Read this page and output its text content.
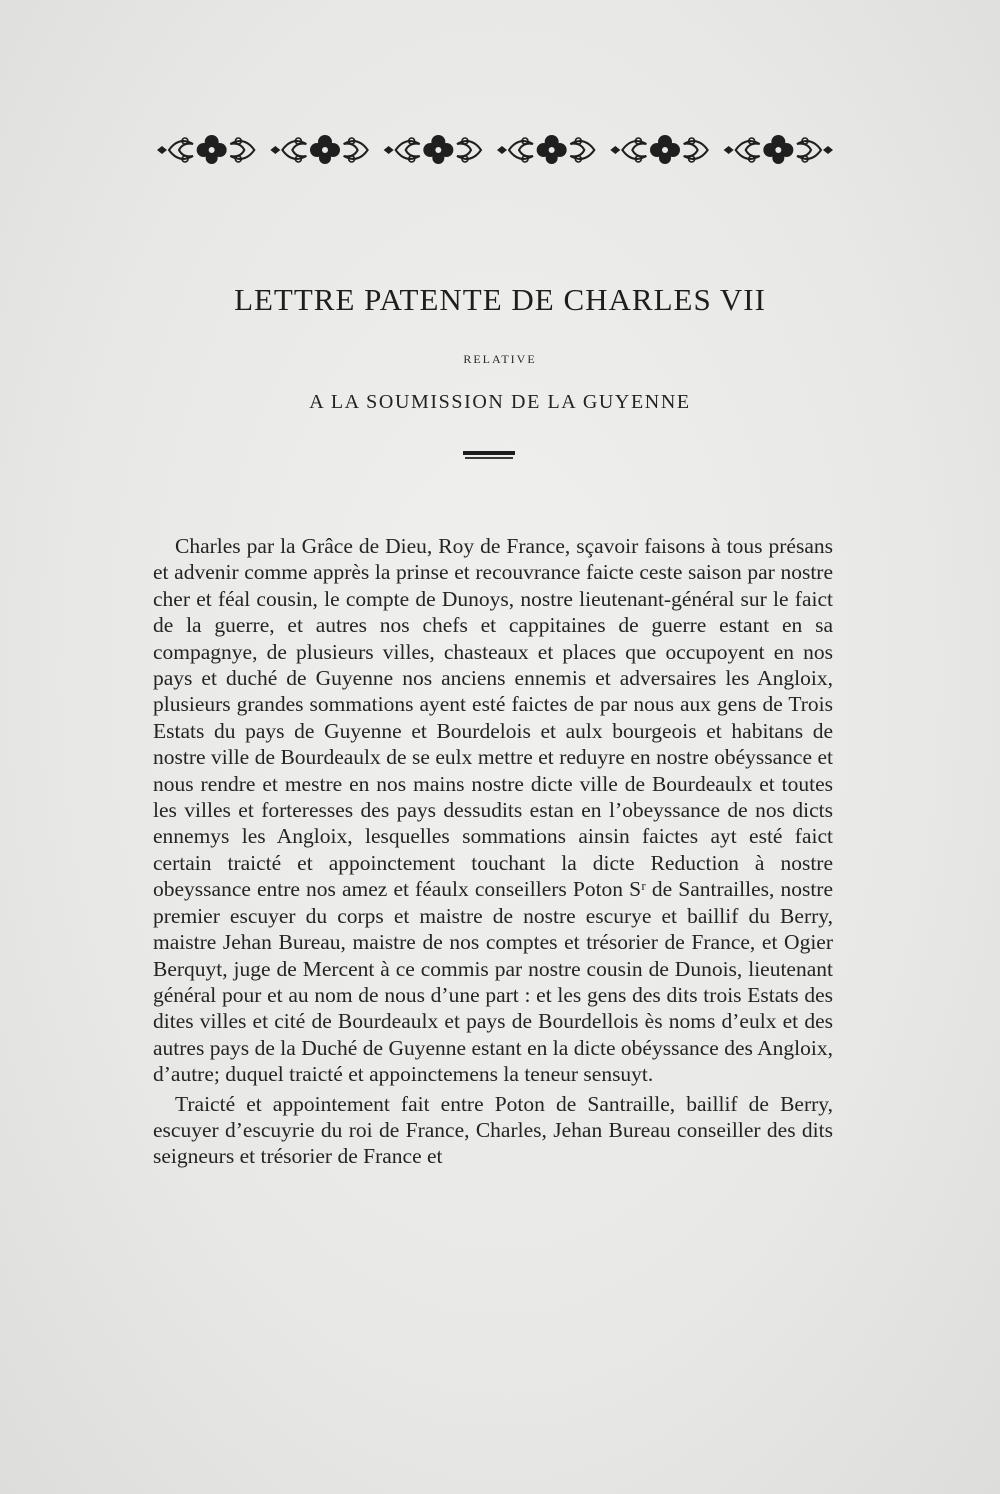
LETTRE PATENTE DE CHARLES VII
RELATIVE
A LA SOUMISSION DE LA GUYENNE

Charles par la Grâce de Dieu, Roy de France, sçavoir faisons à tous présans et advenir comme apprès la prinse et recouvrance faicte ceste saison par nostre cher et féal cousin, le compte de Dunoys, nostre lieutenant-général sur le faict de la guerre, et autres nos chefs et cappitaines de guerre estant en sa compagnye, de plusieurs villes, chasteaux et places que occupoyent en nos pays et duché de Guyenne nos anciens ennemis et adversaires les Angloix, plusieurs grandes sommations ayent esté faictes de par nous aux gens de Trois Estats du pays de Guyenne et Bourdelois et aulx bourgeois et habitans de nostre ville de Bourdeaulx de se eulx mettre et reduyre en nostre obéyssance et nous rendre et mestre en nos mains nostre dicte ville de Bourdeaulx et toutes les villes et forteresses des pays dessudits estan en l’obeyssance de nos dicts ennemys les Angloix, lesquelles sommations ainsin faictes ayt esté faict certain traicté et appoinctement touchant la dicte Reduction à nostre obeyssance entre nos amez et féaulx conseillers Poton Sʳ de Santrailles, nostre premier escuyer du corps et maistre de nostre escurye et baillif du Berry, maistre Jehan Bureau, maistre de nos comptes et trésorier de France, et Ogier Berquyt, juge de Mercent à ce commis par nostre cousin de Dunois, lieutenant général pour et au nom de nous d’une part : et les gens des dits trois Estats des dites villes et cité de Bourdeaulx et pays de Bourdellois ès noms d’eulx et des autres pays de la Duché de Guyenne estant en la dicte obéyssance des Angloix, d’autre; duquel traicté et appoinctemens la teneur sensuyt.

Traicté et appointement fait entre Poton de Santraille, baillif de Berry, escuyer d’escuyrie du roi de France, Charles, Jehan Bureau conseiller des dits seigneurs et trésorier de France et
